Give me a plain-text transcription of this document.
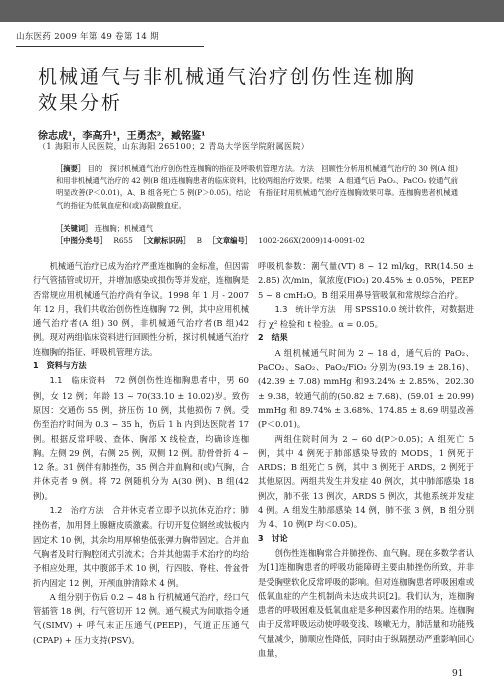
山东医药 2009 年第 49 卷第 14 期
机械通气与非机械通气治疗创伤性连枷胸
效果分析
徐志成¹，李高升¹，王勇杰²，臧铭鉴¹
（1 海阳市人民医院，山东海阳 265100；2 青岛大学医学院附属医院）
［摘要］ 目的　探讨机械通气治疗创伤性连枷胸的指征及呼吸机管理方法。方法　回顾性分析用机械通气治疗的 30 例(A 组)和用非机械通气治疗的 42 例(B 组)连枷胸患者的临床资料，比较两组治疗效果。结果　A 组通气后 PaO₂、PaCO₂ 较通气前明显改善(P＜0.01)，A、B 组各死亡 5 例(P＞0.05)。结论　有指征时用机械通气治疗连枷胸效果可靠。连枷胸患者机械通气的指征为低氧血症和(或)高碳酸血症。
［关键词］ 连枷胸；机械通气
［中图分类号］ R655 ［文献标识码］ B ［文章编号］ 1002-266X(2009)14-0091-02

机械通气治疗已成为治疗严重连枷胸的金标准，但因需行气管插管或切开，并增加感染或损伤等并发症，连枷胸是否常规应用机械通气治疗尚有争议。1998 年 1 月 - 2007 年 12 月，我们共收治创伤性连枷胸 72 例，其中应用机械通气治疗者(A 组) 30 例，非机械通气治疗者(B 组)42 例。现对两组临床资料进行回顾性分析，探讨机械通气治疗连枷胸的指征、呼吸机管理方法。

1　资料与方法

1.1　临床资料　 72 例创伤性连枷胸患者中，男 60 例，女 12 例；年龄 13 ~ 70(33.10 ± 10.02)岁。致伤原因：交通伤 55 例，挤压伤 10 例，其他损伤 7 例。受伤至治疗时间为 0.3 ~ 35 h，伤后 1 h 内到达医院者 17 例。根据反常呼吸、查体、胸部 X 线检查，均确诊连枷胸。左侧 29 例，右侧 25 例，双侧 12 例。肋骨骨折 4 ~ 12 条。31 例伴有肺挫伤，35 例合并血胸和(或)气胸，合并休克者 9 例。将 72 例随机分为 A(30 例)、B 组(42 例)。

1.2　治疗方法　 合并休克者立即予以抗休克治疗；肺挫伤者，加用肾上腺糖皮质激素。行切开复位钢丝或钛板内固定术 10 例，其余均用厚棉垫低张弹力胸带固定。合并血气胸者及时行胸腔闭式引流术；合并其他需手术治疗的均给予相应处理，其中腹部手术 10 例，行四肢、脊柱、骨盆骨折内固定 12 例，开颅血肿清除术 4 例。

A 组分别于伤后 0.2 ~ 48 h 行机械通气治疗，经口气管插管 18 例，行气管切开 12 例。通气模式为间歇指令通气(SIMV) + 呼气末正压通气(PEEP)，气道正压通气(CPAP) + 压力支持(PSV)。

呼吸机参数：潮气量(VT) 8 ~ 12 ml/kg，RR(14.50 ± 2.85) 次/min，氧浓度(FiO₂) 20.45% ± 0.05%，PEEP 5 ~ 8 cmH₂O。B 组采用鼻导管吸氧和常规综合治疗。

1.3　统计学方法　 用 SPSS10.0 统计软件，对数据进行 χ² 检验和 t 检验。α = 0.05。

2　结果

A 组机械通气时间为 2 ~ 18 d，通气后的 PaO₂、PaCO₂、SaO₂、PaO₂/FiO₂ 分别为(93.19 ± 28.16)、(42.39 ± 7.08) mmHg 和93.24% ± 2.85%、202.30 ± 9.38，较通气前的(50.82 ± 7.68)、(59.01 ± 20.99) mmHg 和 89.74% ± 3.68%、174.85 ± 8.69 明显改善(P＜0.01)。

两组住院时间为 2 ~ 60 d(P＞0.05)；A 组死亡 5 例，其中 4 例死于肺部感染导致的 MODS，1 例死于 ARDS；B 组死亡 5 例，其中 3 例死于 ARDS，2 例死于其他原因。两组共发生并发症 40 例次，其中肺部感染 18 例次，肺不张 13 例次，ARDS 5 例次，其他系统并发症 4 例。A 组发生肺部感染 14 例，肺不张 3 例，B 组分别为 4、10 例(P 均＜0.05)。

3　讨论

创伤性连枷胸常合并肺挫伤、血气胸。现在多数学者认为[1]连枷胸患者的呼吸功能障碍主要由肺挫伤所致，并非是受胸壁软化反常呼吸的影响。但对连枷胸患者呼吸困难或低氧血症的产生机制尚未达成共识[2]。我们认为，连枷胸患者的呼吸困难及低氧血症是多种因素作用的结果。连枷胸由于反常呼吸运动使呼吸变浅、咳嗽无力，肺活量和功能残气量减少，肺顺应性降低，同时由于纵隔摆动严重影响回心血量，

91
